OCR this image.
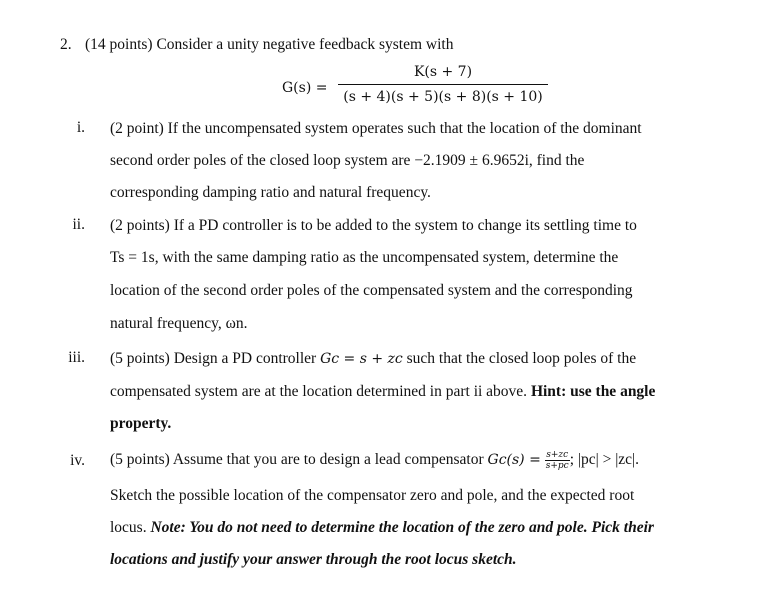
2. (14 points) Consider a unity negative feedback system with
G(s) =
K(s + 7)
(s + 4)(s + 5)(s + 8)(s + 10)
i. (2 point) If the uncompensated system operates such that the location of the dominant
second order poles of the closed loop system are −2.1909 ± 6.9652i, find the
corresponding damping ratio and natural frequency.
ii. (2 points) If a PD controller is to be added to the system to change its settling time to
Ts = 1s, with the same damping ratio as the uncompensated system, determine the
location of the second order poles of the compensated system and the corresponding
natural frequency, ωn.
iii. (5 points) Design a PD controller Gc = s + zc such that the closed loop poles of the
compensated system are at the location determined in part ii above. Hint: use the angle
property.
iv. (5 points) Assume that you are to design a lead compensator $Gc(s) = \frac{s+zc}{s+pc}$ ; |pc| > |zc|.
Sketch the possible location of the compensator zero and pole, and the expected root
locus. Note: You do not need to determine the location of the zero and pole. Pick their
locations and justify your answer through the root locus sketch.
